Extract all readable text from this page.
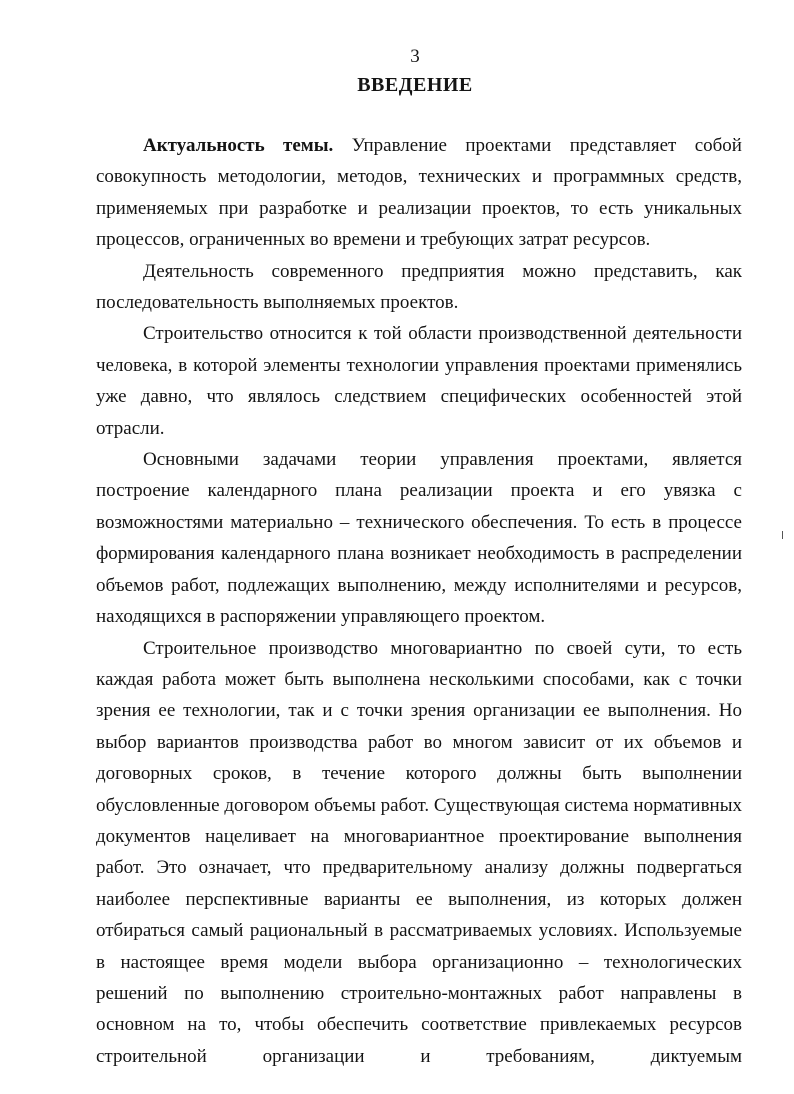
3
ВВЕДЕНИЕ

Актуальность темы. Управление проектами представляет собой совокупность методологии, методов, технических и программных средств, применяемых при разработке и реализации проектов, то есть уникальных процессов, ограниченных во времени и требующих затрат ресурсов.

Деятельность современного предприятия можно представить, как последовательность выполняемых проектов.

Строительство относится к той области производственной деятельности человека, в которой элементы технологии управления проектами применялись уже давно, что являлось следствием специфических особенностей этой отрасли.

Основными задачами теории управления проектами, является построение календарного плана реализации проекта и его увязка с возможностями материально – технического обеспечения. То есть в процессе формирования календарного плана возникает необходимость в распределении объемов работ, подлежащих выполнению, между исполнителями и ресурсов, находящихся в распоряжении управляющего проектом.

Строительное производство многовариантно по своей сути, то есть каждая работа может быть выполнена несколькими способами, как с точки зрения ее технологии, так и с точки зрения организации ее выполнения. Но выбор вариантов производства работ во многом зависит от их объемов и договорных сроков, в течение которого должны быть выполнении обусловленные договором объемы работ. Существующая система нормативных документов нацеливает на многовариантное проектирование выполнения работ. Это означает, что предварительному анализу должны подвергаться наиболее перспективные варианты ее выполнения, из которых должен отбираться самый рациональный в рассматриваемых условиях. Используемые в настоящее время модели выбора организационно – технологических решений по выполнению строительно-монтажных работ направлены в основном на то, чтобы обеспечить соответствие привлекаемых ресурсов строительной организации и требованиям, диктуемым
